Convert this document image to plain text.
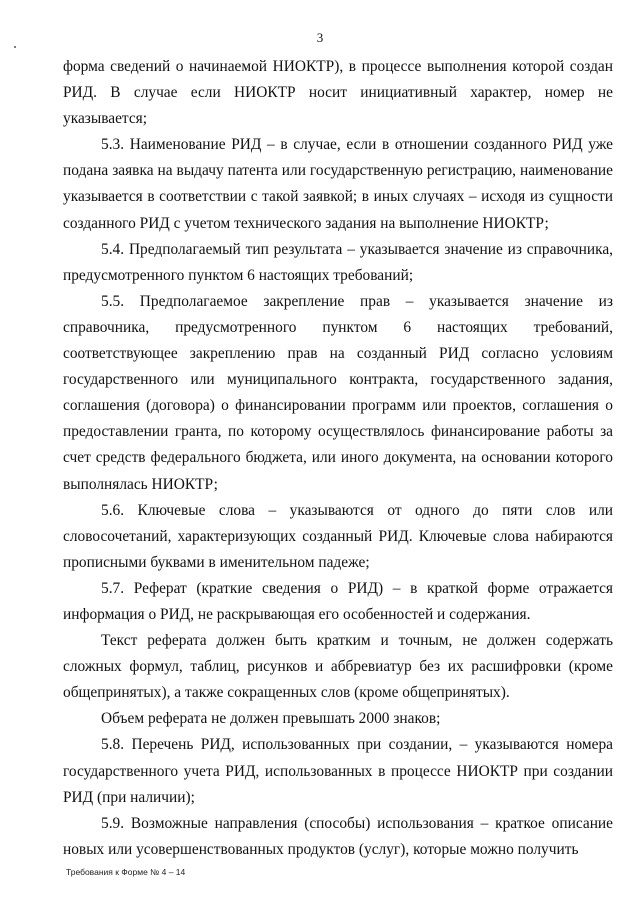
3

форма сведений о начинаемой НИОКТР), в процессе выполнения которой создан РИД. В случае если НИОКТР носит инициативный характер, номер не указывается;

5.3. Наименование РИД – в случае, если в отношении созданного РИД уже подана заявка на выдачу патента или государственную регистрацию, наименование указывается в соответствии с такой заявкой; в иных случаях – исходя из сущности созданного РИД с учетом технического задания на выполнение НИОКТР;

5.4. Предполагаемый тип результата – указывается значение из справочника, предусмотренного пунктом 6 настоящих требований;

5.5. Предполагаемое закрепление прав – указывается значение из справочника, предусмотренного пунктом 6 настоящих требований, соответствующее закреплению прав на созданный РИД согласно условиям государственного или муниципального контракта, государственного задания, соглашения (договора) о финансировании программ или проектов, соглашения о предоставлении гранта, по которому осуществлялось финансирование работы за счет средств федерального бюджета, или иного документа, на основании которого выполнялась НИОКТР;

5.6. Ключевые слова – указываются от одного до пяти слов или словосочетаний, характеризующих созданный РИД. Ключевые слова набираются прописными буквами в именительном падеже;

5.7. Реферат (краткие сведения о РИД) – в краткой форме отражается информация о РИД, не раскрывающая его особенностей и содержания.

Текст реферата должен быть кратким и точным, не должен содержать сложных формул, таблиц, рисунков и аббревиатур без их расшифровки (кроме общепринятых), а также сокращенных слов (кроме общепринятых).

Объем реферата не должен превышать 2000 знаков;

5.8. Перечень РИД, использованных при создании, – указываются номера государственного учета РИД, использованных в процессе НИОКТР при создании РИД (при наличии);

5.9. Возможные направления (способы) использования – краткое описание новых или усовершенствованных продуктов (услуг), которые можно получить

Требования к Форме № 4 – 14
